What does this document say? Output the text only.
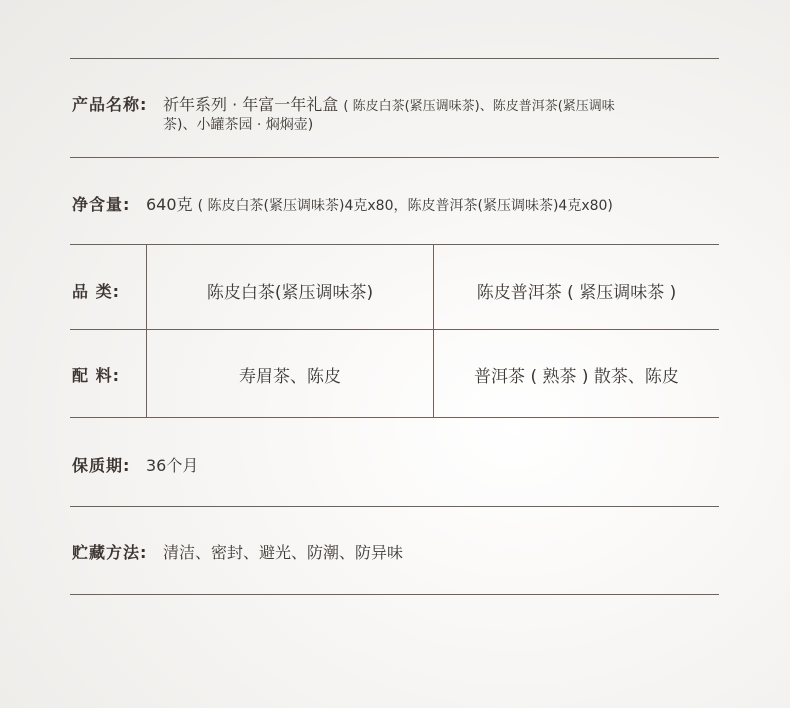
产品名称: 祈年系列 · 年富一年礼盒 ( 陈皮白茶(紧压调味茶)、陈皮普洱茶(紧压调味
茶)、小罐茶园 · 焖焖壶)
净含量: 640克 ( 陈皮白茶(紧压调味茶)4克x80，陈皮普洱茶(紧压调味茶)4克x80)
品 类:	陈皮白茶(紧压调味茶)	陈皮普洱茶 ( 紧压调味茶 )
配 料:	寿眉茶、陈皮	普洱茶 ( 熟茶 ) 散茶、陈皮
保质期: 36个月
贮藏方法: 清洁、密封、避光、防潮、防异味
